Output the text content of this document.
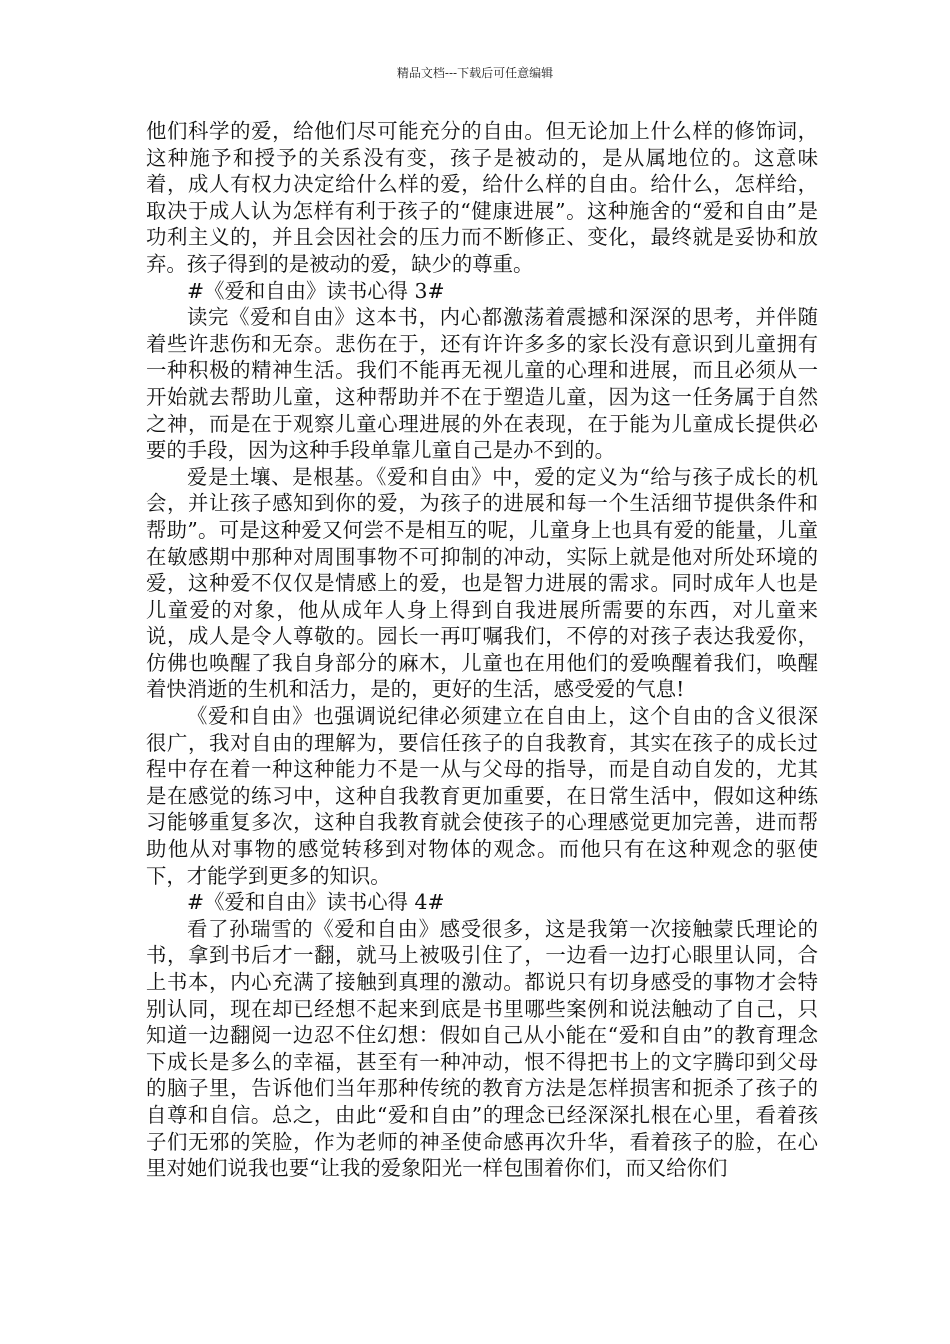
精品文档---下载后可任意编辑

他们科学的爱，给他们尽可能充分的自由。但无论加上什么样的修饰词，这种施予和授予的关系没有变，孩子是被动的，是从属地位的。这意味着，成人有权力决定给什么样的爱，给什么样的自由。给什么，怎样给，取决于成人认为怎样有利于孩子的“健康进展”。这种施舍的“爱和自由”是功利主义的，并且会因社会的压力而不断修正、变化，最终就是妥协和放弃。孩子得到的是被动的爱，缺少的尊重。

#《爱和自由》读书心得 3#

读完《爱和自由》这本书，内心都激荡着震撼和深深的思考，并伴随着些许悲伤和无奈。悲伤在于，还有许许多多的家长没有意识到儿童拥有一种积极的精神生活。我们不能再无视儿童的心理和进展，而且必须从一开始就去帮助儿童，这种帮助并不在于塑造儿童，因为这一任务属于自然之神，而是在于观察儿童心理进展的外在表现，在于能为儿童成长提供必要的手段，因为这种手段单靠儿童自己是办不到的。

爱是土壤、是根基。《爱和自由》中，爱的定义为“给与孩子成长的机会，并让孩子感知到你的爱，为孩子的进展和每一个生活细节提供条件和帮助”。可是这种爱又何尝不是相互的呢，儿童身上也具有爱的能量，儿童在敏感期中那种对周围事物不可抑制的冲动，实际上就是他对所处环境的爱，这种爱不仅仅是情感上的爱，也是智力进展的需求。同时成年人也是儿童爱的对象，他从成年人身上得到自我进展所需要的东西，对儿童来说，成人是令人尊敬的。园长一再叮嘱我们，不停的对孩子表达我爱你，仿佛也唤醒了我自身部分的麻木，儿童也在用他们的爱唤醒着我们，唤醒着快消逝的生机和活力，是的，更好的生活，感受爱的气息!

《爱和自由》也强调说纪律必须建立在自由上，这个自由的含义很深很广，我对自由的理解为，要信任孩子的自我教育，其实在孩子的成长过程中存在着一种这种能力不是一从与父母的指导，而是自动自发的，尤其是在感觉的练习中，这种自我教育更加重要，在日常生活中，假如这种练习能够重复多次，这种自我教育就会使孩子的心理感觉更加完善，进而帮助他从对事物的感觉转移到对物体的观念。而他只有在这种观念的驱使下，才能学到更多的知识。

#《爱和自由》读书心得 4#

看了孙瑞雪的《爱和自由》感受很多，这是我第一次接触蒙氏理论的书，拿到书后才一翻，就马上被吸引住了，一边看一边打心眼里认同，合上书本，内心充满了接触到真理的激动。都说只有切身感受的事物才会特别认同，现在却已经想不起来到底是书里哪些案例和说法触动了自己，只知道一边翻阅一边忍不住幻想：假如自己从小能在“爱和自由”的教育理念下成长是多么的幸福，甚至有一种冲动，恨不得把书上的文字腾印到父母的脑子里，告诉他们当年那种传统的教育方法是怎样损害和扼杀了孩子的自尊和自信。总之，由此“爱和自由”的理念已经深深扎根在心里，看着孩子们无邪的笑脸，作为老师的神圣使命感再次升华，看着孩子的脸，在心里对她们说我也要“让我的爱象阳光一样包围着你们，而又给你们
